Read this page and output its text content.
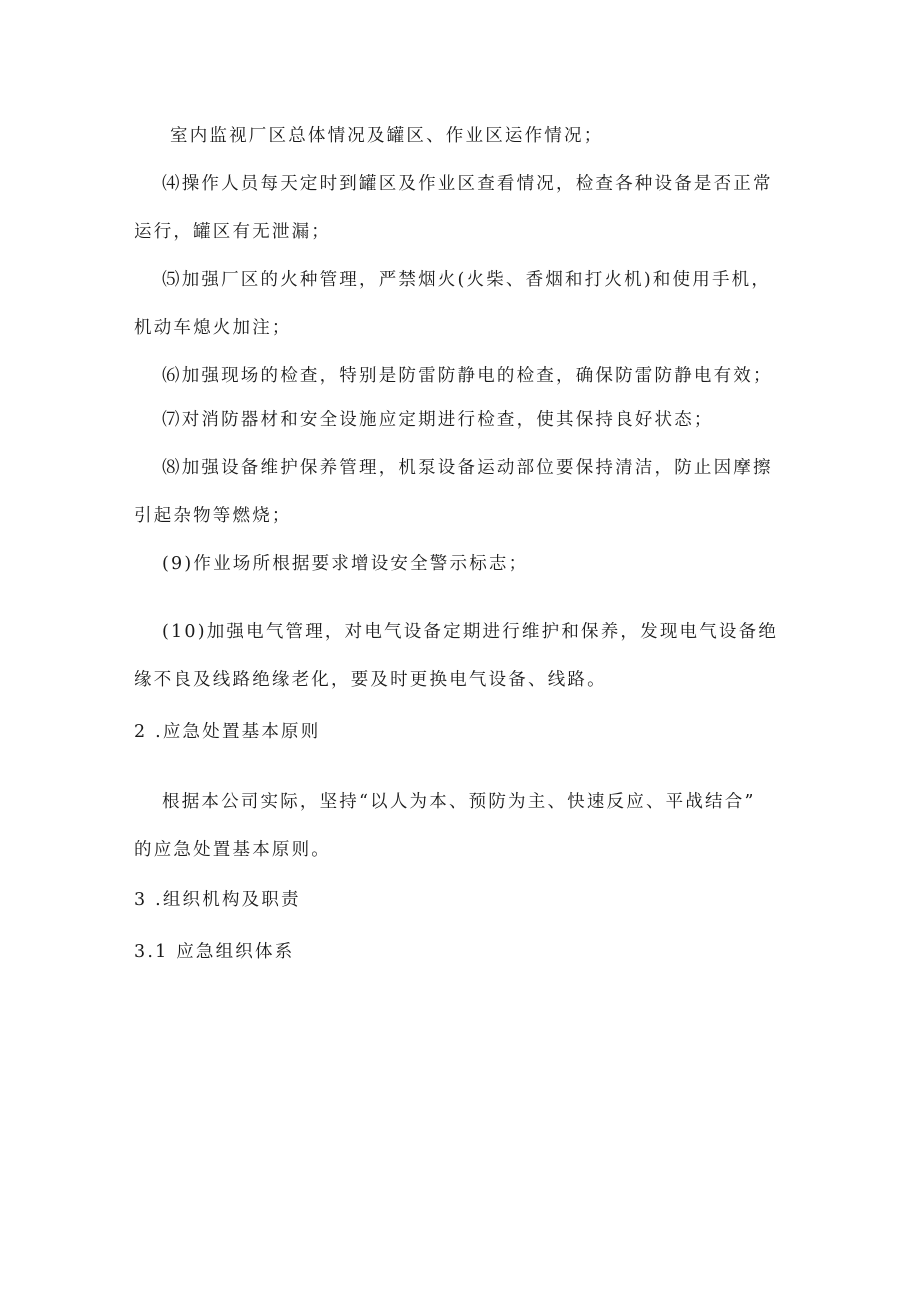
室内监视厂区总体情况及罐区、作业区运作情况；
⑷操作人员每天定时到罐区及作业区查看情况，检查各种设备是否正常
运行，罐区有无泄漏；
⑸加强厂区的火种管理，严禁烟火(火柴、香烟和打火机)和使用手机，
机动车熄火加注；
⑹加强现场的检查，特别是防雷防静电的检查，确保防雷防静电有效；
⑺对消防器材和安全设施应定期进行检查，使其保持良好状态；
⑻加强设备维护保养管理，机泵设备运动部位要保持清洁，防止因摩擦
引起杂物等燃烧；
(9)作业场所根据要求增设安全警示标志；
(10)加强电气管理，对电气设备定期进行维护和保养，发现电气设备绝
缘不良及线路绝缘老化，要及时更换电气设备、线路。
2 .应急处置基本原则
根据本公司实际，坚持“以人为本、预防为主、快速反应、平战结合”
的应急处置基本原则。
3 .组织机构及职责
3.1 应急组织体系
